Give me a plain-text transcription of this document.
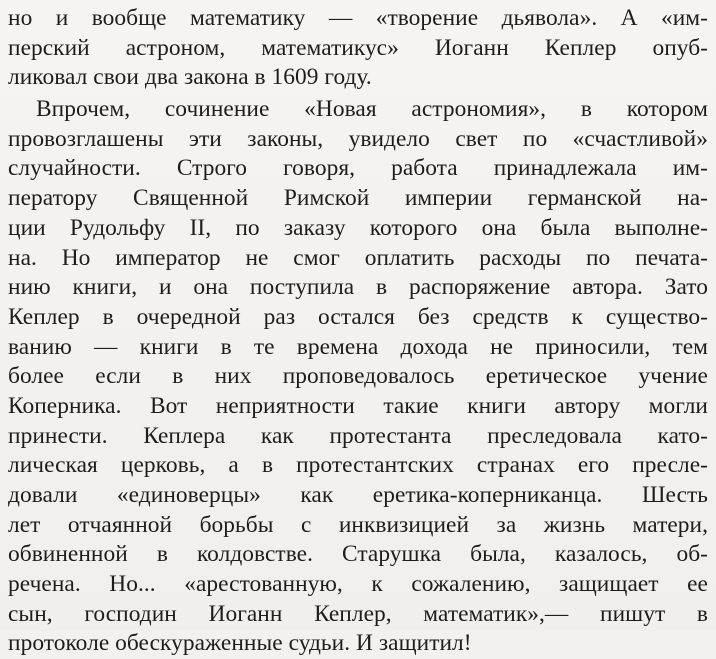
но и вообще математику — «творение дьявола». А «им-
перский астроном, математикус» Иоганн Кеплер опуб-
ликовал свои два закона в 1609 году.
Впрочем, сочинение «Новая астрономия», в котором
провозглашены эти законы, увидело свет по «счастливой»
случайности. Строго говоря, работа принадлежала им-
ператору Священной Римской империи германской на-
ции Рудольфу II, по заказу которого она была выполне-
на. Но император не смог оплатить расходы по печата-
нию книги, и она поступила в распоряжение автора. Зато
Кеплер в очередной раз остался без средств к существо-
ванию — книги в те времена дохода не приносили, тем
более если в них проповедовалось еретическое учение
Коперника. Вот неприятности такие книги автору могли
принести. Кеплера как протестанта преследовала като-
лическая церковь, а в протестантских странах его пресле-
довали «единоверцы» как еретика-коперниканца. Шесть
лет отчаянной борьбы с инквизицией за жизнь матери,
обвиненной в колдовстве. Старушка была, казалось, об-
речена. Но... «арестованную, к сожалению, защищает ее
сын, господин Иоганн Кеплер, математик»,— пишут в
протоколе обескураженные судьи. И защитил!
